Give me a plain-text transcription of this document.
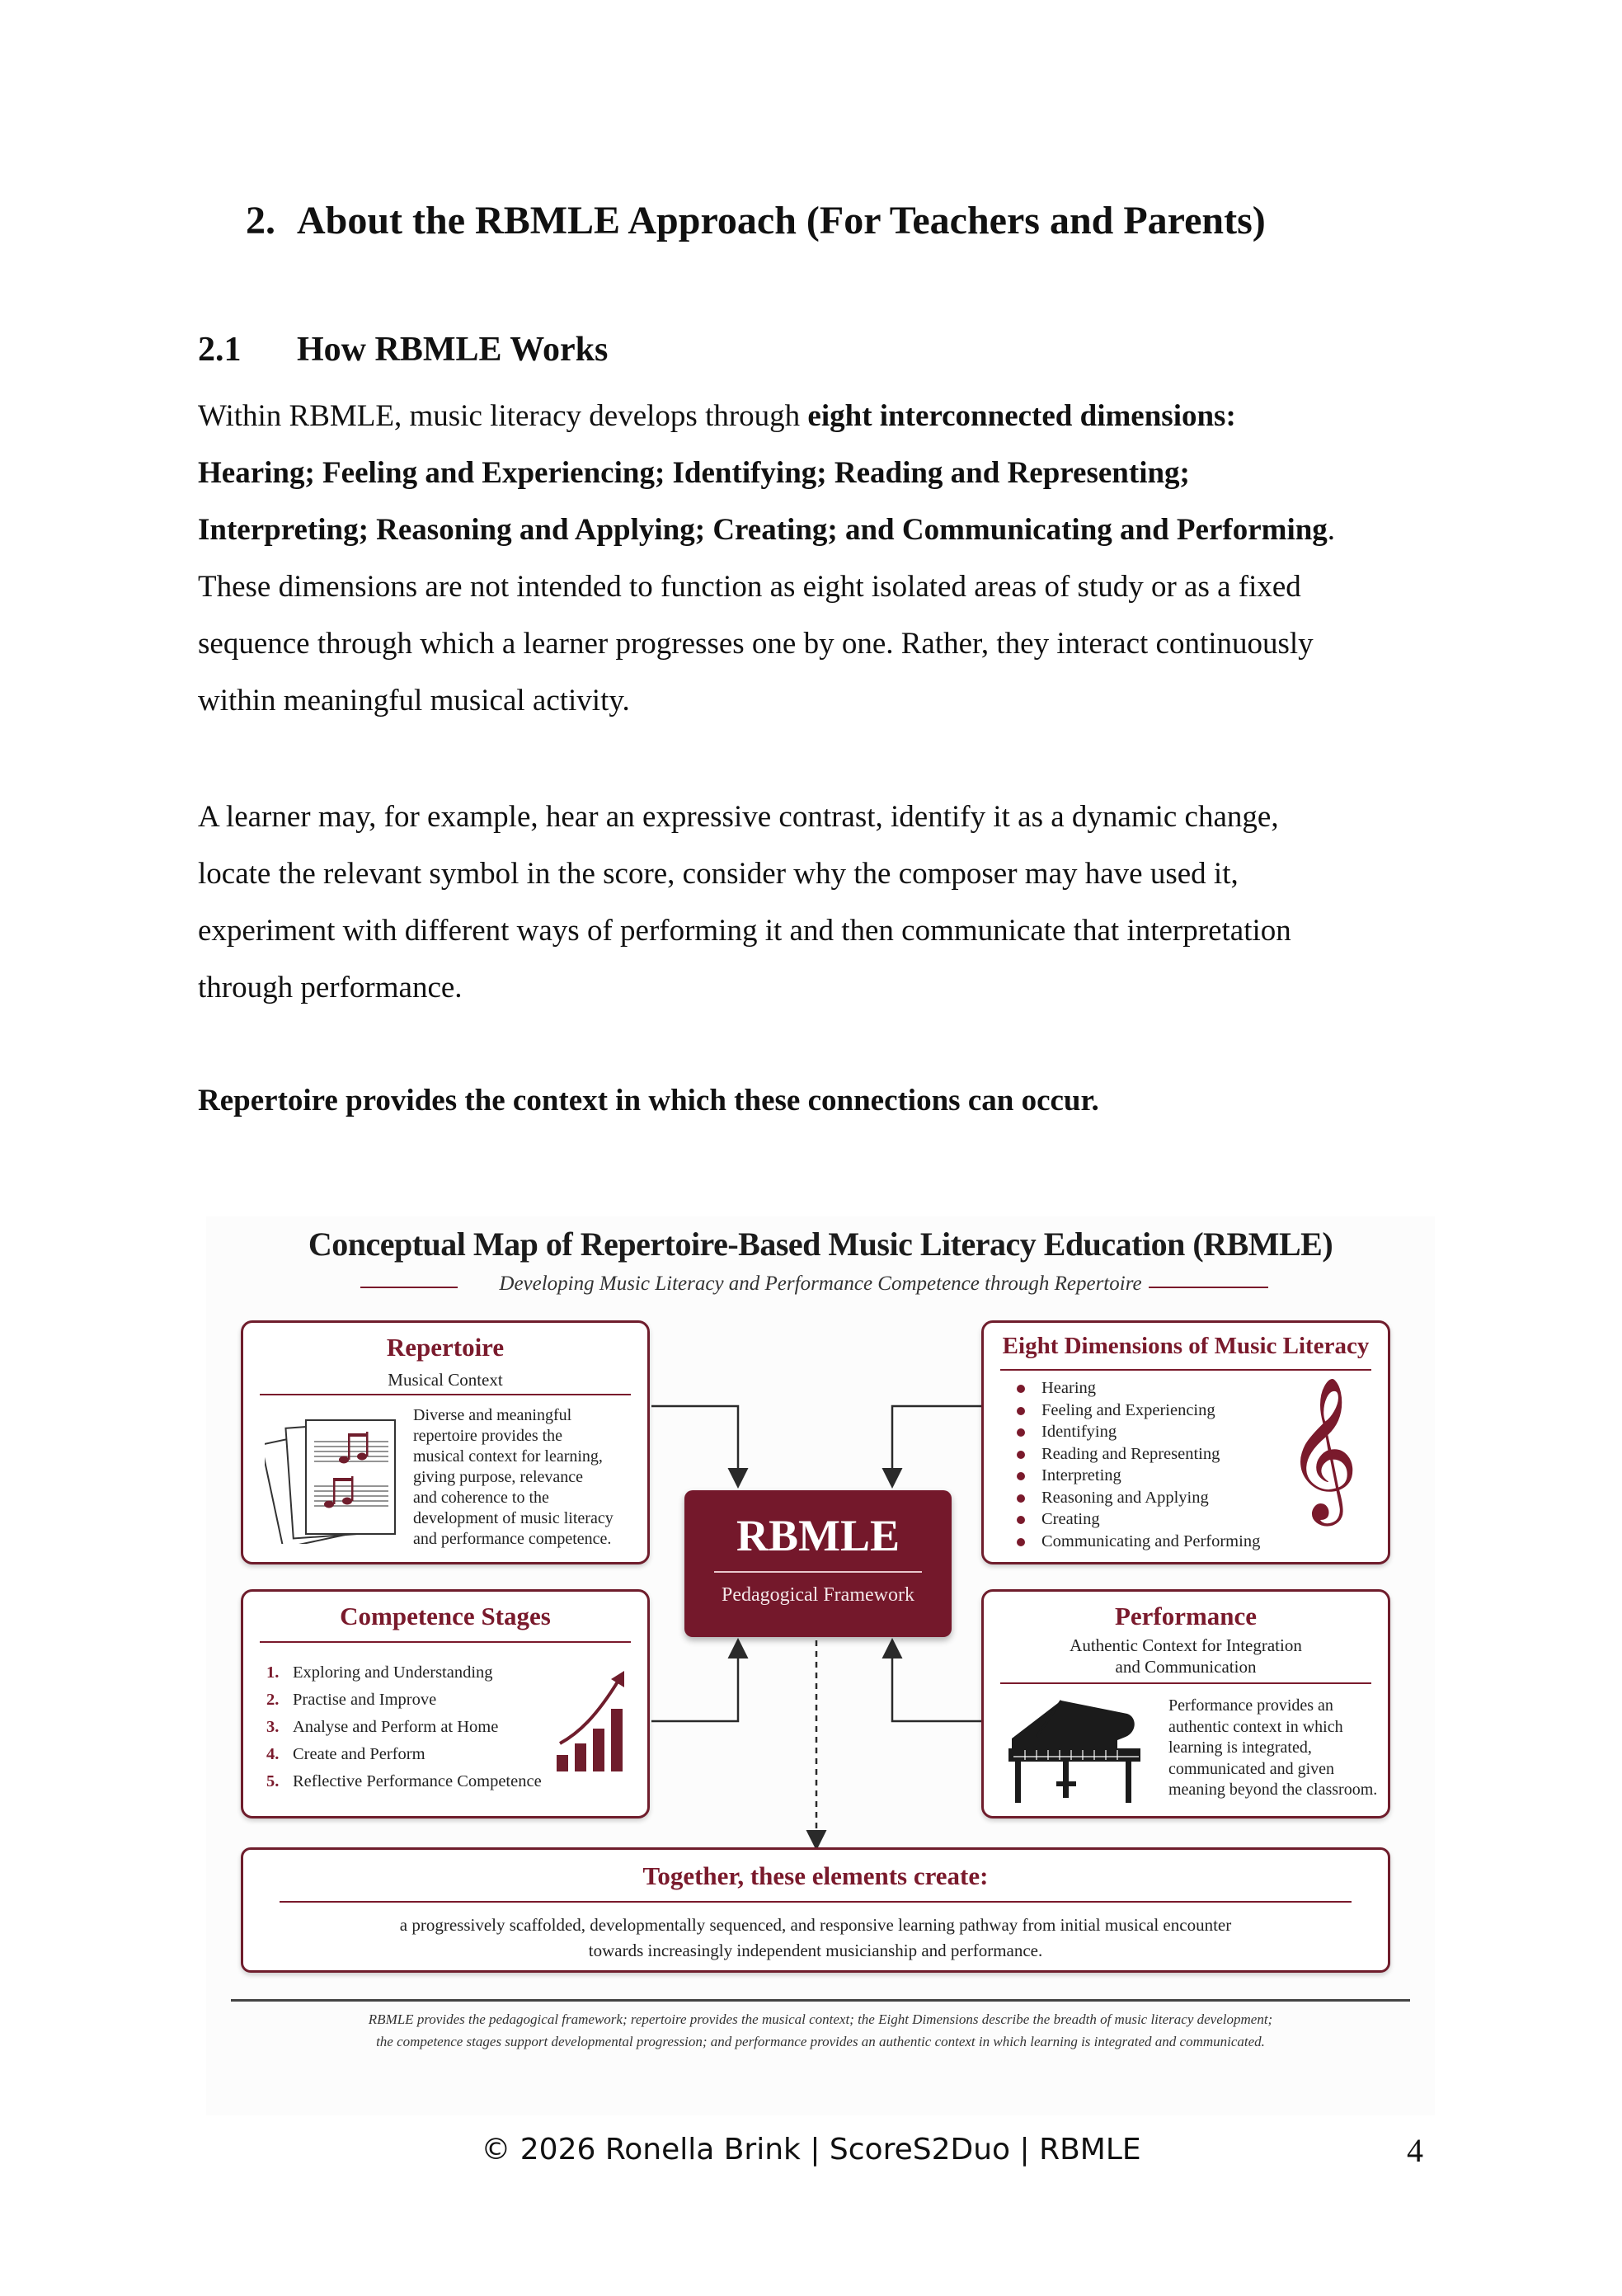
2. About the RBMLE Approach (For Teachers and Parents)
2.1 How RBMLE Works
Within RBMLE, music literacy develops through eight interconnected dimensions:
Hearing; Feeling and Experiencing; Identifying; Reading and Representing;
Interpreting; Reasoning and Applying; Creating; and Communicating and Performing.
These dimensions are not intended to function as eight isolated areas of study or as a fixed
sequence through which a learner progresses one by one. Rather, they interact continuously
within meaningful musical activity.
A learner may, for example, hear an expressive contrast, identify it as a dynamic change,
locate the relevant symbol in the score, consider why the composer may have used it,
experiment with different ways of performing it and then communicate that interpretation
through performance.
Repertoire provides the context in which these connections can occur.
Conceptual Map of Repertoire-Based Music Literacy Education (RBMLE)
Developing Music Literacy and Performance Competence through Repertoire
Repertoire
Musical Context
Diverse and meaningful
repertoire provides the
musical context for learning,
giving purpose, relevance
and coherence to the
development of music literacy
and performance competence.
Eight Dimensions of Music Literacy
Hearing
Feeling and Experiencing
Identifying
Reading and Representing
Interpreting
Reasoning and Applying
Creating
Communicating and Performing
𝄞
RBMLE
Pedagogical Framework
Competence Stages
1. Exploring and Understanding
2. Practise and Improve
3. Analyse and Perform at Home
4. Create and Perform
5. Reflective Performance Competence
Performance
Authentic Context for Integration
and Communication
Performance provides an
authentic context in which
learning is integrated,
communicated and given
meaning beyond the classroom.
Together, these elements create:
a progressively scaffolded, developmentally sequenced, and responsive learning pathway from initial musical encounter
towards increasingly independent musicianship and performance.
RBMLE provides the pedagogical framework; repertoire provides the musical context; the Eight Dimensions describe the breadth of music literacy development;
the competence stages support developmental progression; and performance provides an authentic context in which learning is integrated and communicated.
© 2026 Ronella Brink | ScoreS2Duo | RBMLE	4
